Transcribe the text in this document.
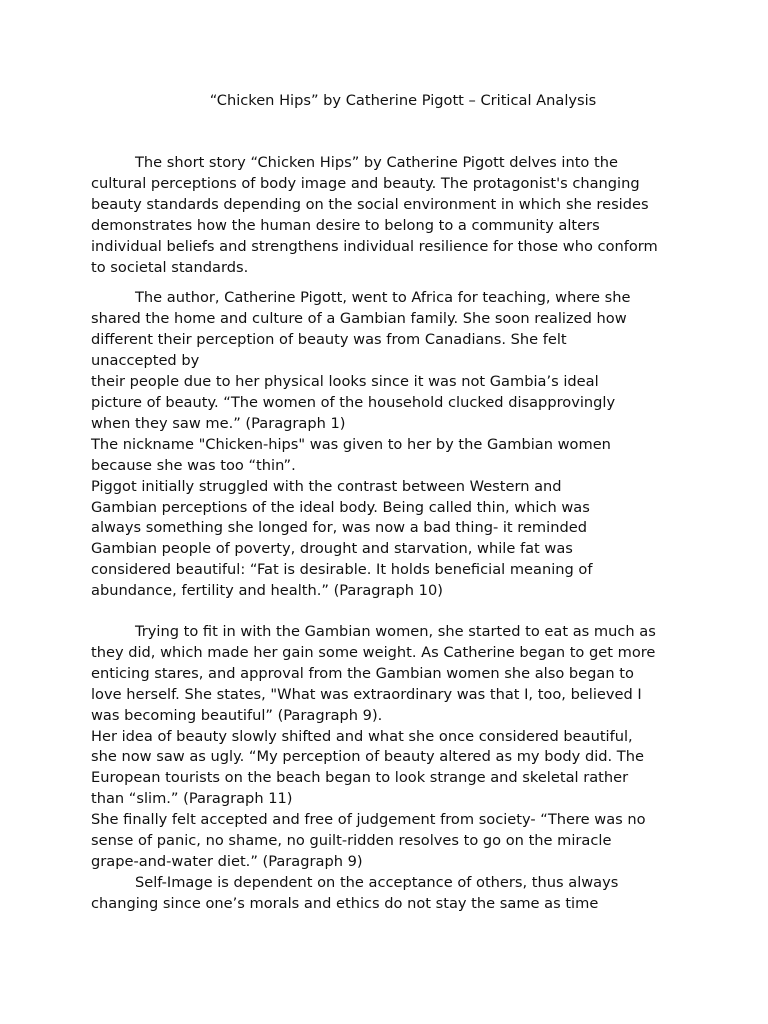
“Chicken Hips” by Catherine Pigott – Critical Analysis
The short story “Chicken Hips” by Catherine Pigott delves into the
cultural perceptions of body image and beauty. The protagonist's changing
beauty standards depending on the social environment in which she resides
demonstrates how the human desire to belong to a community alters
individual beliefs and strengthens individual resilience for those who conform
to societal standards.
The author, Catherine Pigott, went to Africa for teaching, where she
shared the home and culture of a Gambian family. She soon realized how
different their perception of beauty was from Canadians. She felt
unaccepted by
their people due to her physical looks since it was not Gambia’s ideal
picture of beauty. “The women of the household clucked disapprovingly
when they saw me.” (Paragraph 1)
The nickname "Chicken-hips" was given to her by the Gambian women
because she was too “thin”.
Piggot initially struggled with the contrast between Western and
Gambian perceptions of the ideal body. Being called thin, which was
always something she longed for, was now a bad thing- it reminded
Gambian people of poverty, drought and starvation, while fat was
considered beautiful: “Fat is desirable. It holds beneficial meaning of
abundance, fertility and health.” (Paragraph 10)
Trying to fit in with the Gambian women, she started to eat as much as
they did, which made her gain some weight. As Catherine began to get more
enticing stares, and approval from the Gambian women she also began to
love herself. She states, "What was extraordinary was that I, too, believed I
was becoming beautiful” (Paragraph 9).
Her idea of beauty slowly shifted and what she once considered beautiful,
she now saw as ugly. “My perception of beauty altered as my body did. The
European tourists on the beach began to look strange and skeletal rather
than “slim.” (Paragraph 11)
She finally felt accepted and free of judgement from society- “There was no
sense of panic, no shame, no guilt-ridden resolves to go on the miracle
grape-and-water diet.” (Paragraph 9)
Self-Image is dependent on the acceptance of others, thus always
changing since one’s morals and ethics do not stay the same as time
